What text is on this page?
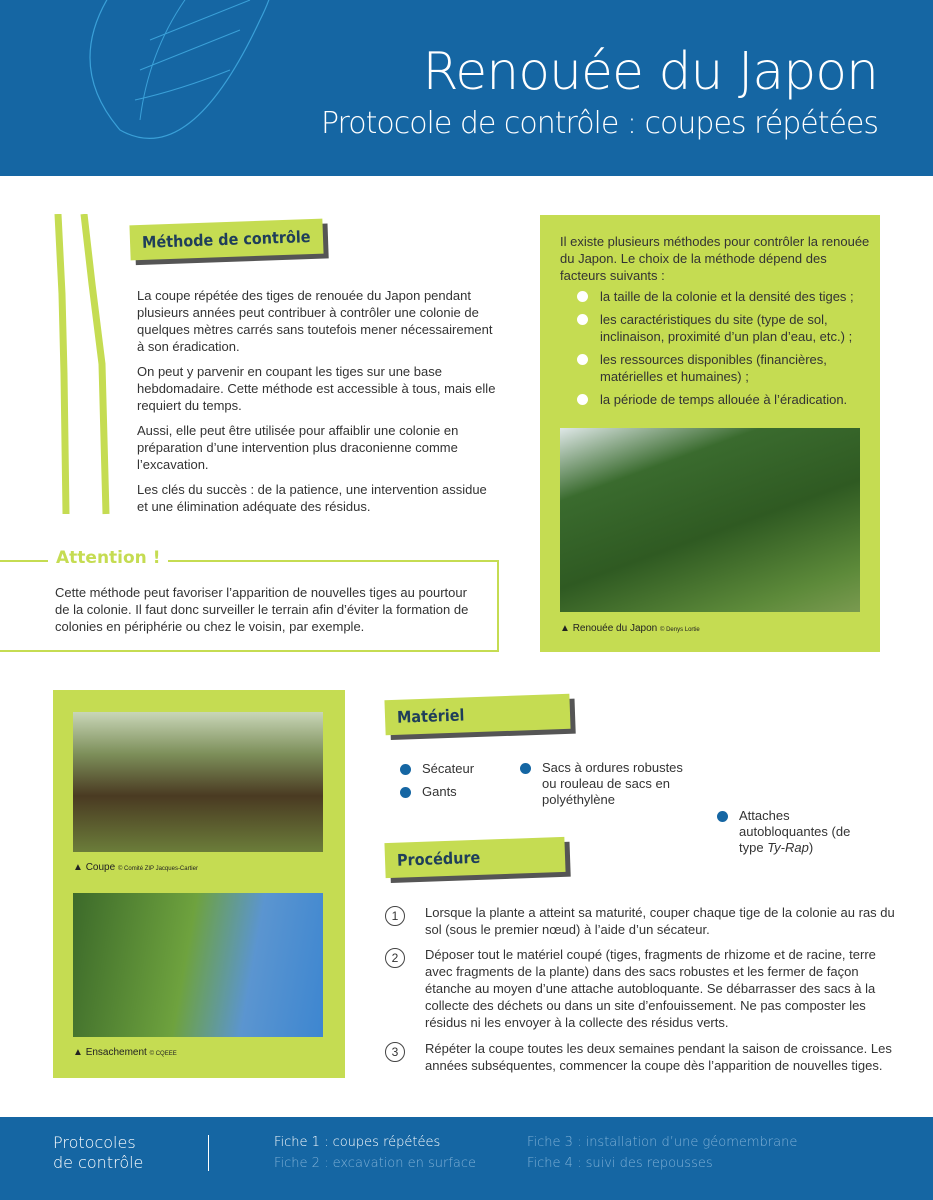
Renouée du Japon
Protocole de contrôle : coupes répétées
Méthode de contrôle

La coupe répétée des tiges de renouée du Japon pendant plusieurs années peut contribuer à contrôler une colonie de quelques mètres carrés sans toutefois mener nécessairement à son éradication.

On peut y parvenir en coupant les tiges sur une base hebdomadaire. Cette méthode est accessible à tous, mais elle requiert du temps.

Aussi, elle peut être utilisée pour affaiblir une colonie en préparation d’une intervention plus draconienne comme l’excavation.

Les clés du succès : de la patience, une intervention assidue et une élimination adéquate des résidus.

Attention !
Cette méthode peut favoriser l’apparition de nouvelles tiges au pourtour de la colonie. Il faut donc surveiller le terrain afin d’éviter la formation de colonies en périphérie ou chez le voisin, par exemple.
Il existe plusieurs méthodes pour contrôler la renouée du Japon. Le choix de la méthode dépend des facteurs suivants :
la taille de la colonie et la densité des tiges ;
les caractéristiques du site (type de sol, inclinaison, proximité d’un plan d’eau, etc.) ;
les ressources disponibles (financières, matérielles et humaines) ;
la période de temps allouée à l’éradication.
▲ Renouée du Japon © Denys Lortie
▲ Coupe © Comité ZIP Jacques-Cartier
▲ Ensachement © CQEEE
Matériel
Sécateur
Gants
Sacs à ordures robustes ou rouleau de sacs en polyéthylène
Attaches autobloquantes (de type Ty-Rap)
Procédure
1	Lorsque la plante a atteint sa maturité, couper chaque tige de la colonie au ras du sol (sous le premier nœud) à l’aide d’un sécateur.
2	Déposer tout le matériel coupé (tiges, fragments de rhizome et de racine, terre avec fragments de la plante) dans des sacs robustes et les fermer de façon étanche au moyen d’une attache autobloquante. Se débarrasser des sacs à la collecte des déchets ou dans un site d’enfouissement. Ne pas composter les résidus ni les envoyer à la collecte des résidus verts.
3	Répéter la coupe toutes les deux semaines pendant la saison de croissance. Les années subséquentes, commencer la coupe dès l’apparition de nouvelles tiges.
Protocoles
de contrôle
Fiche 1 : coupes répétées
Fiche 2 : excavation en surface
Fiche 3 : installation d’une géomembrane
Fiche 4 : suivi des repousses
